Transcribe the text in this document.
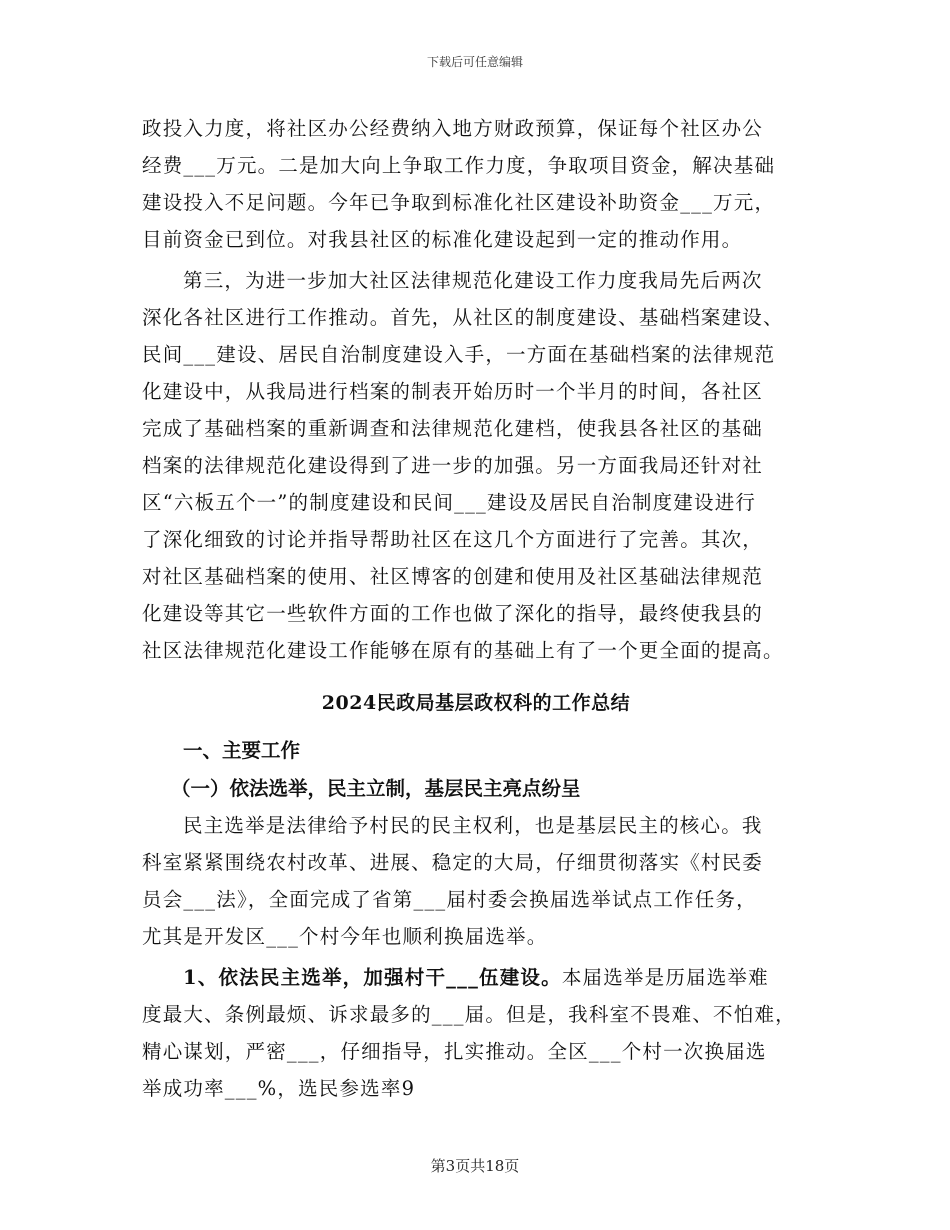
下载后可任意编辑
政投入力度，将社区办公经费纳入地方财政预算，保证每个社区办公
经费___万元。二是加大向上争取工作力度，争取项目资金，解决基础
建设投入不足问题。今年已争取到标准化社区建设补助资金___万元，
目前资金已到位。对我县社区的标准化建设起到一定的推动作用。
第三，为进一步加大社区法律规范化建设工作力度我局先后两次
深化各社区进行工作推动。首先，从社区的制度建设、基础档案建设、
民间___建设、居民自治制度建设入手，一方面在基础档案的法律规范
化建设中，从我局进行档案的制表开始历时一个半月的时间，各社区
完成了基础档案的重新调查和法律规范化建档，使我县各社区的基础
档案的法律规范化建设得到了进一步的加强。另一方面我局还针对社
区“六板五个一”的制度建设和民间___建设及居民自治制度建设进行
了深化细致的讨论并指导帮助社区在这几个方面进行了完善。其次，
对社区基础档案的使用、社区博客的创建和使用及社区基础法律规范
化建设等其它一些软件方面的工作也做了深化的指导，最终使我县的
社区法律规范化建设工作能够在原有的基础上有了一个更全面的提高。
2024民政局基层政权科的工作总结
一、主要工作
（一）依法选举，民主立制，基层民主亮点纷呈
民主选举是法律给予村民的民主权利，也是基层民主的核心。我
科室紧紧围绕农村改革、进展、稳定的大局，仔细贯彻落实《村民委
员会___法》，全面完成了省第___届村委会换届选举试点工作任务，
尤其是开发区___个村今年也顺利换届选举。
1、依法民主选举，加强村干___伍建设。本届选举是历届选举难
度最大、条例最烦、诉求最多的___届。但是，我科室不畏难、不怕难，
精心谋划，严密___，仔细指导，扎实推动。全区___个村一次换届选
举成功率___%，选民参选率9
第3页共18页
